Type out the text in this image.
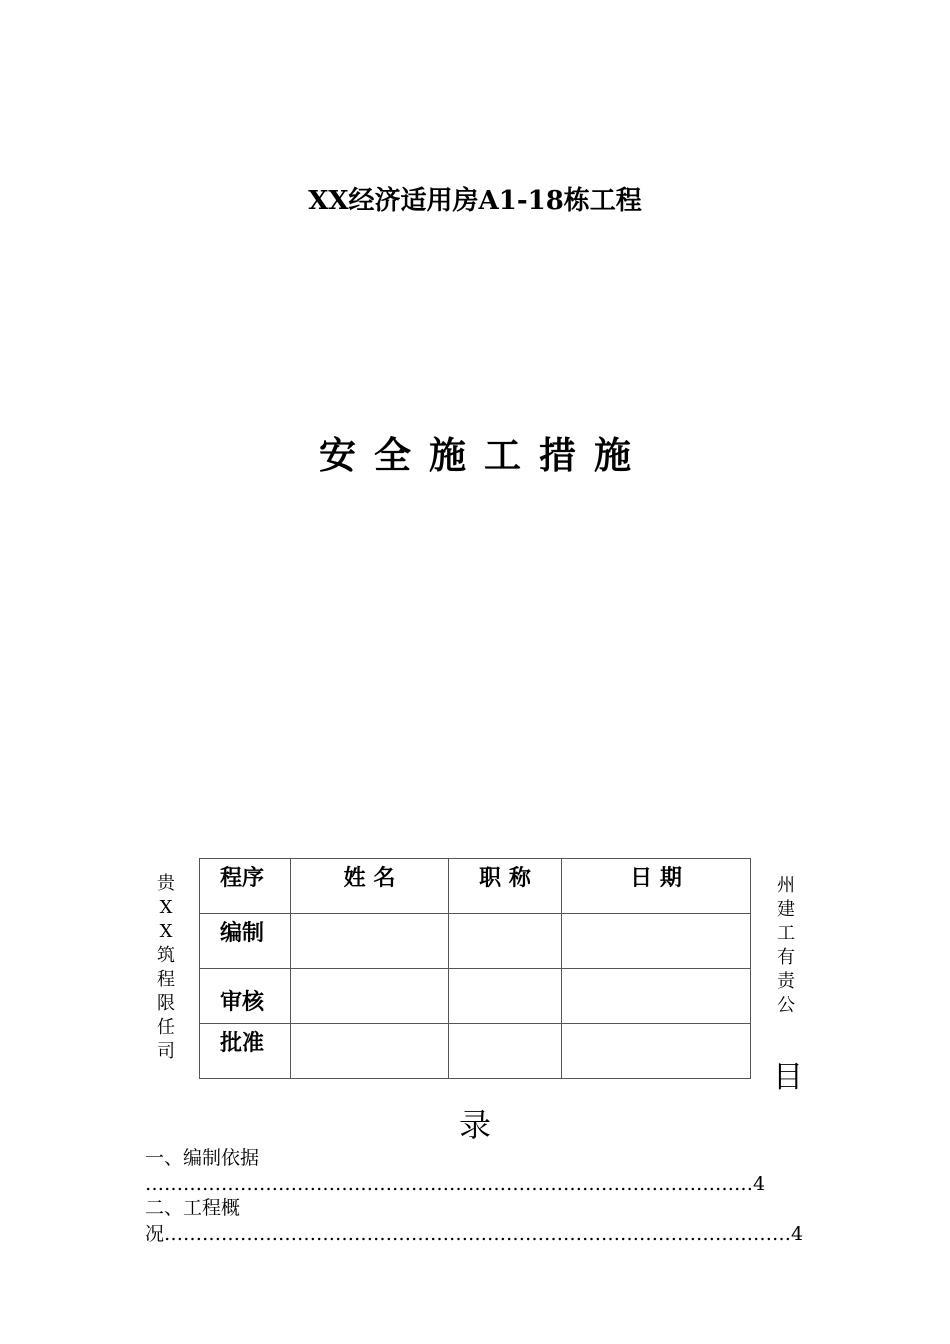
XX经济适用房A1-18栋工程
安全施工措施
贵XX筑程限任司
程序	姓 名	职 称	日 期

编制			

审核			

批准			

州建工有责公
目
录
一、编制依据 ……………………………………………………………………………………4
二、工程概况………………………………………………………………………………………4
